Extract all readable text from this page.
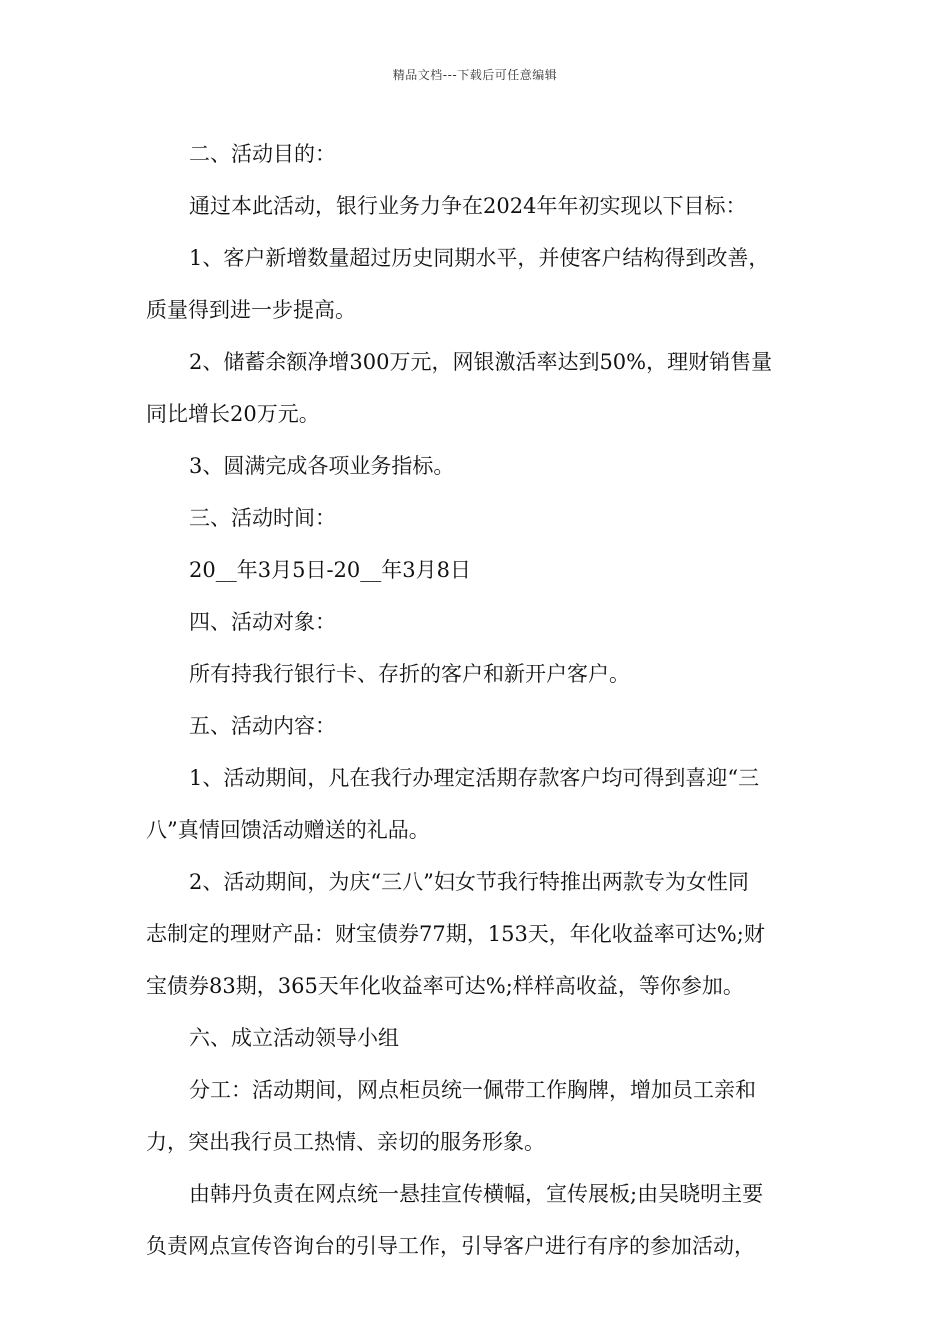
精品文档---下载后可任意编辑
二、活动目的：
通过本此活动，银行业务力争在2024年年初实现以下目标：
1、客户新增数量超过历史同期水平，并使客户结构得到改善，
质量得到进一步提高。
2、储蓄余额净增300万元，网银激活率达到50%，理财销售量
同比增长20万元。
3、圆满完成各项业务指标。
三、活动时间：
20__年3月5日-20__年3月8日
四、活动对象：
所有持我行银行卡、存折的客户和新开户客户。
五、活动内容：
1、活动期间，凡在我行办理定活期存款客户均可得到喜迎“三
八”真情回馈活动赠送的礼品。
2、活动期间，为庆“三八”妇女节我行特推出两款专为女性同
志制定的理财产品：财宝债券77期，153天，年化收益率可达%;财
宝债券83期，365天年化收益率可达%;样样高收益，等你参加。
六、成立活动领导小组
分工：活动期间，网点柜员统一佩带工作胸牌，增加员工亲和
力，突出我行员工热情、亲切的服务形象。
由韩丹负责在网点统一悬挂宣传横幅，宣传展板;由吴晓明主要
负责网点宣传咨询台的引导工作，引导客户进行有序的参加活动，
